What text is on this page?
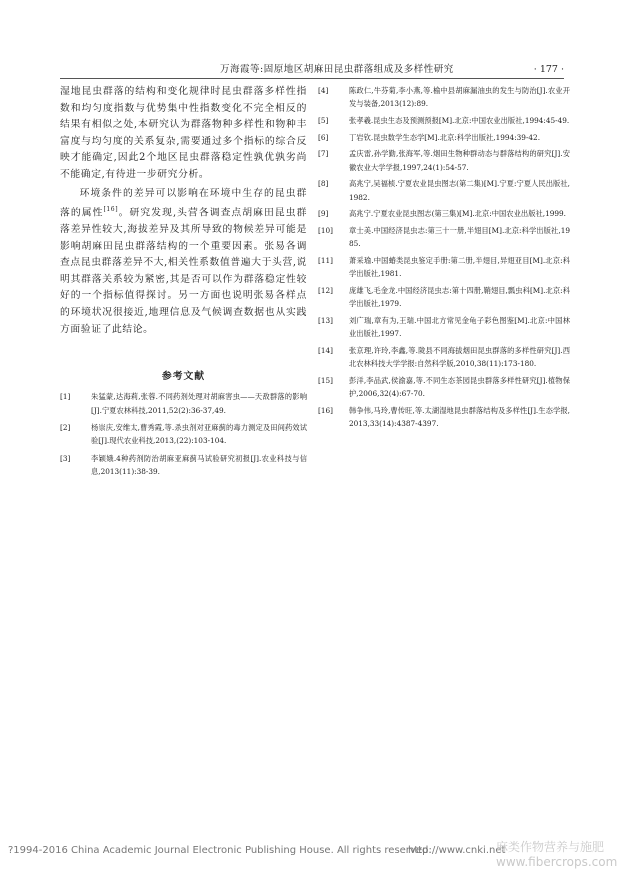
万海霞等:固原地区胡麻田昆虫群落组成及多样性研究	· 177 ·

湿地昆虫群落的结构和变化规律时昆虫群落多样性指数和均匀度指数与优势集中性指数变化不完全相反的结果有相似之处,本研究认为群落物种多样性和物种丰富度与均匀度的关系复杂,需要通过多个指标的综合反映才能确定,因此2个地区昆虫群落稳定性孰优孰劣尚不能确定,有待进一步研究分析。

环境条件的差异可以影响在环境中生存的昆虫群落的属性[16]。研究发现,头营各调查点胡麻田昆虫群落差异性较大,海拔差异及其所导致的物候差异可能是影响胡麻田昆虫群落结构的一个重要因素。张易各调查点昆虫群落差异不大,相关性系数值普遍大于头营,说明其群落关系较为紧密,其是否可以作为群落稳定性较好的一个指标值得探讨。另一方面也说明张易各样点的环境状况很接近,地理信息及气候调查数据也从实践方面验证了此结论。

参考文献
[1]	朱猛蒙,达海莉,张蓉.不同药剂处理对胡麻害虫——天敌群落的影响[J].宁夏农林科技,2011,52(2):36-37,49.
[2]	杨崇庆,安维太,曹秀霞,等.杀虫剂对亚麻蓟的毒力测定及田间药效试验[J].现代农业科技,2013,(22):103-104.
[3]	李颖娥.4种药剂防治胡麻亚麻蓟马试验研究初报[J].农业科技与信息,2013(11):38-39.
[4]	陈政仁,牛芬菊,李小燕,等.榆中县胡麻漏油虫的发生与防治[J].农业开发与装备,2013(12):89.
[5]	张孝羲.昆虫生态及预测预报[M].北京:中国农业出版社,1994:45-49.
[6]	丁岩钦.昆虫数学生态学[M].北京:科学出版社,1994:39-42.
[7]	孟庆雷,孙学勤,张海军,等.烟田生物种群动态与群落结构的研究[J].安徽农业大学学报,1997,24(1):54-57.
[8]	高兆宁,吴福桢.宁夏农业昆虫图志(第二集)[M].宁夏:宁夏人民出版社,1982.
[9]	高兆宁.宁夏农业昆虫图志(第三集)[M].北京:中国农业出版社,1999.
[10] 章士美.中国经济昆虫志:第三十一册,半翅目[M].北京:科学出版社,1985.
[11] 萧采瑜.中国蝽类昆虫鉴定手册:第二册,半翅目,异翅亚目[M].北京:科学出版社,1981.
[12] 庞雄飞,毛金龙.中国经济昆虫志:第十四册,鞘翅目,瓢虫科[M].北京:科学出版社,1979.
[13] 刘广瑞,章有为,王瑞.中国北方常见金龟子彩色图鉴[M].北京:中国林业出版社,1997.
[14] 张京理,许玲,李鑫,等.陇县不同海拔烟田昆虫群落的多样性研究[J].西北农林科技大学学报:自然科学版,2010,38(11):173-180.
[15] 彭洋,李品武,侯渝嘉,等.不同生态茶园昆虫群落多样性研究[J].植物保护,2006,32(4):67-70.
[16] 韩争伟,马玲,曹传旺,等.太湖湿地昆虫群落结构及多样性[J].生态学报,2013,33(14):4387-4397.
?1994-2016 China Academic Journal Electronic Publishing House. All rights reserved.
http://www.cnki.net
麻类作物营养与施肥
www.fibercrops.com
